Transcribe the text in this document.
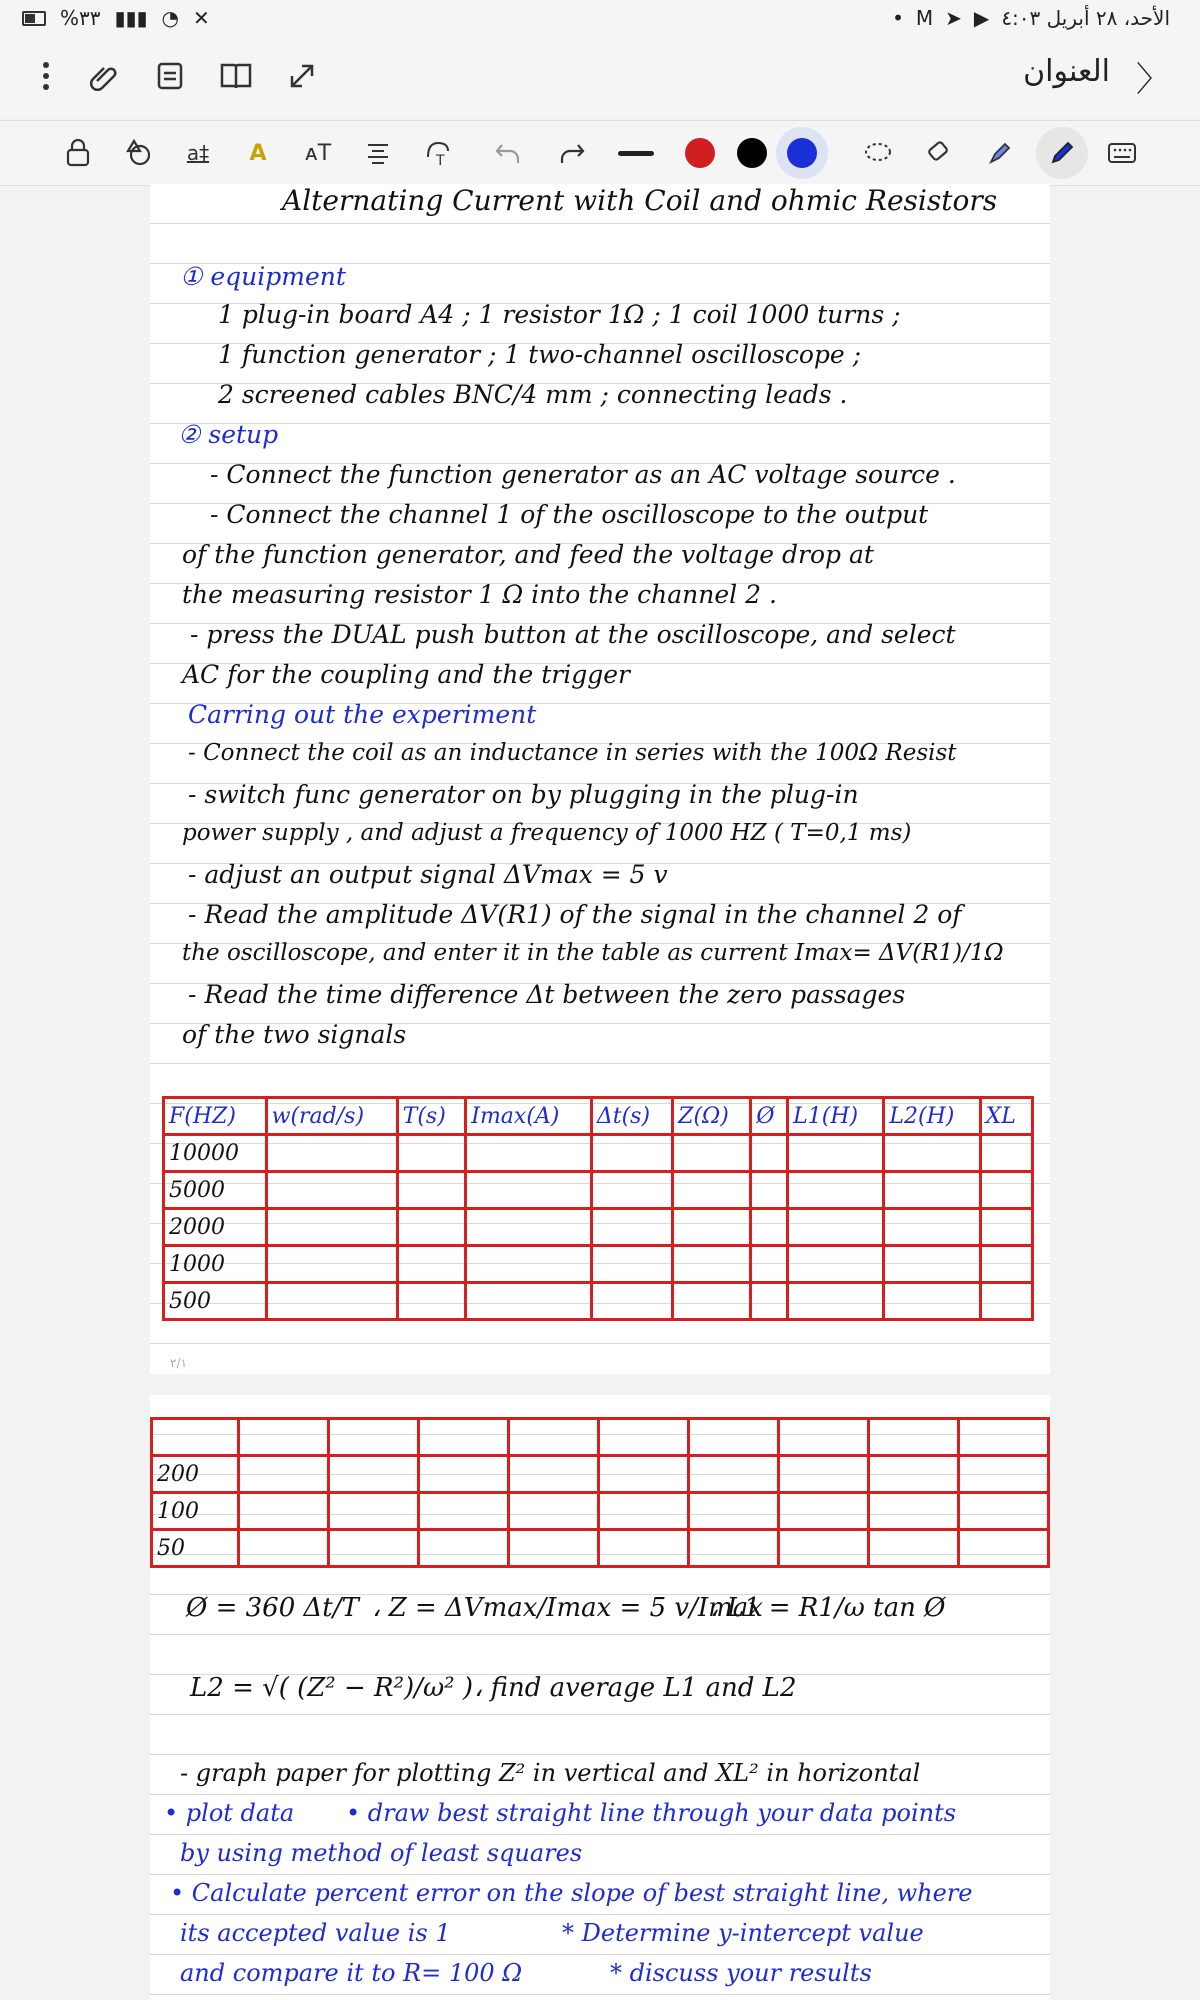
%٣٣ ▮▮▮ ◔ ✕	• M ➤ ▶ الأحد، ٢٨ أبريل ٤:٠٣
العنوان 〉
a‡ A ᴀT	T
Alternating Current with Coil and ohmic Resistors
① equipment
1 plug-in board A4 ; 1 resistor 1Ω ; 1 coil 1000 turns ;
1 function generator ; 1 two-channel oscilloscope ;
2 screened cables BNC/4 mm ; connecting leads .
② setup
- Connect the function generator as an AC voltage source .
- Connect the channel 1 of the oscilloscope to the output
of the function generator, and feed the voltage drop at
the measuring resistor 1 Ω into the channel 2 .
- press the DUAL push button at the oscilloscope, and select
AC for the coupling and the trigger
Carring out the experiment
- Connect the coil as an inductance in series with the 100Ω Resist
- switch func generator on by plugging in the plug-in
power supply , and adjust a frequency of 1000 HZ ( T=0,1 ms)
- adjust an output signal ΔVmax = 5 v
- Read the amplitude ΔV(R1) of the signal in the channel 2 of
the oscilloscope, and enter it in the table as current Imax= ΔV(R1)/1Ω
- Read the time difference Δt between the zero passages
of the two signals
F(HZ)	w(rad/s)	T(s)	Imax(A)	Δt(s)	Z(Ω)	Ø	L1(H)	L2(H)	XL
10000									
5000									
2000									
1000									
500									
٢/١

200									
100									
50									
Ø = 360 Δt/T ، Z = ΔVmax/Imax = 5 v/Imax
، L1 = R1/ω tan Ø
L2 = √( (Z² − R²)/ω² ) ، find average L1 and L2
- graph paper for plotting Z² in vertical and XL² in horizontal
• plot data • draw best straight line through your data points
by using method of least squares
• Calculate percent error on the slope of best straight line, where
its accepted value is 1	* Determine y-intercept value
and compare it to R= 100 Ω	* discuss your results
